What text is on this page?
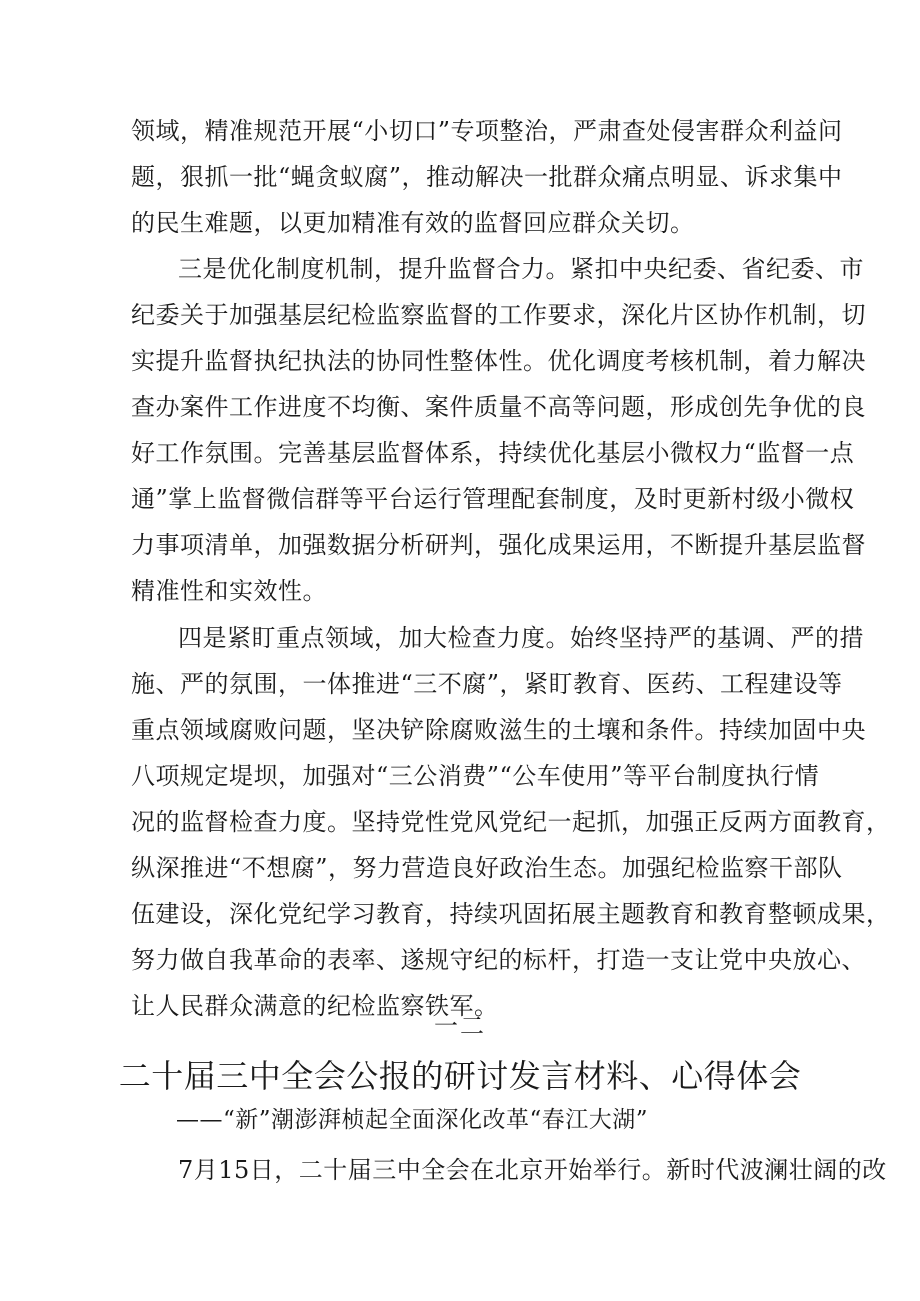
领域，精准规范开展“小切口”专项整治，严肃查处侵害群众利益问
题，狠抓一批“蝇贪蚁腐”，推动解决一批群众痛点明显、诉求集中
的民生难题，以更加精准有效的监督回应群众关切。
三是优化制度机制，提升监督合力。紧扣中央纪委、省纪委、市
纪委关于加强基层纪检监察监督的工作要求，深化片区协作机制，切
实提升监督执纪执法的协同性整体性。优化调度考核机制，着力解决
查办案件工作进度不均衡、案件质量不高等问题，形成创先争优的良
好工作氛围。完善基层监督体系，持续优化基层小微权力“监督一点
通”掌上监督微信群等平台运行管理配套制度，及时更新村级小微权
力事项清单，加强数据分析研判，强化成果运用，不断提升基层监督
精准性和实效性。
四是紧盯重点领域，加大检查力度。始终坚持严的基调、严的措
施、严的氛围，一体推进“三不腐”，紧盯教育、医药、工程建设等
重点领域腐败问题，坚决铲除腐败滋生的土壤和条件。持续加固中央
八项规定堤坝，加强对“三公消费”“公车使用”等平台制度执行情
况的监督检查力度。坚持党性党风党纪一起抓，加强正反两方面教育，
纵深推进“不想腐”，努力营造良好政治生态。加强纪检监察干部队
伍建设，深化党纪学习教育，持续巩固拓展主题教育和教育整顿成果，
努力做自我革命的表率、遂规守纪的标杆，打造一支让党中央放心、
让人民群众满意的纪检监察铁军。
一二
二十届三中全会公报的研讨发言材料、心得体会
——“新”潮澎湃桢起全面深化改革“春江大湖”
7月15日，二十届三中全会在北京开始举行。新时代波澜壮阔的改
